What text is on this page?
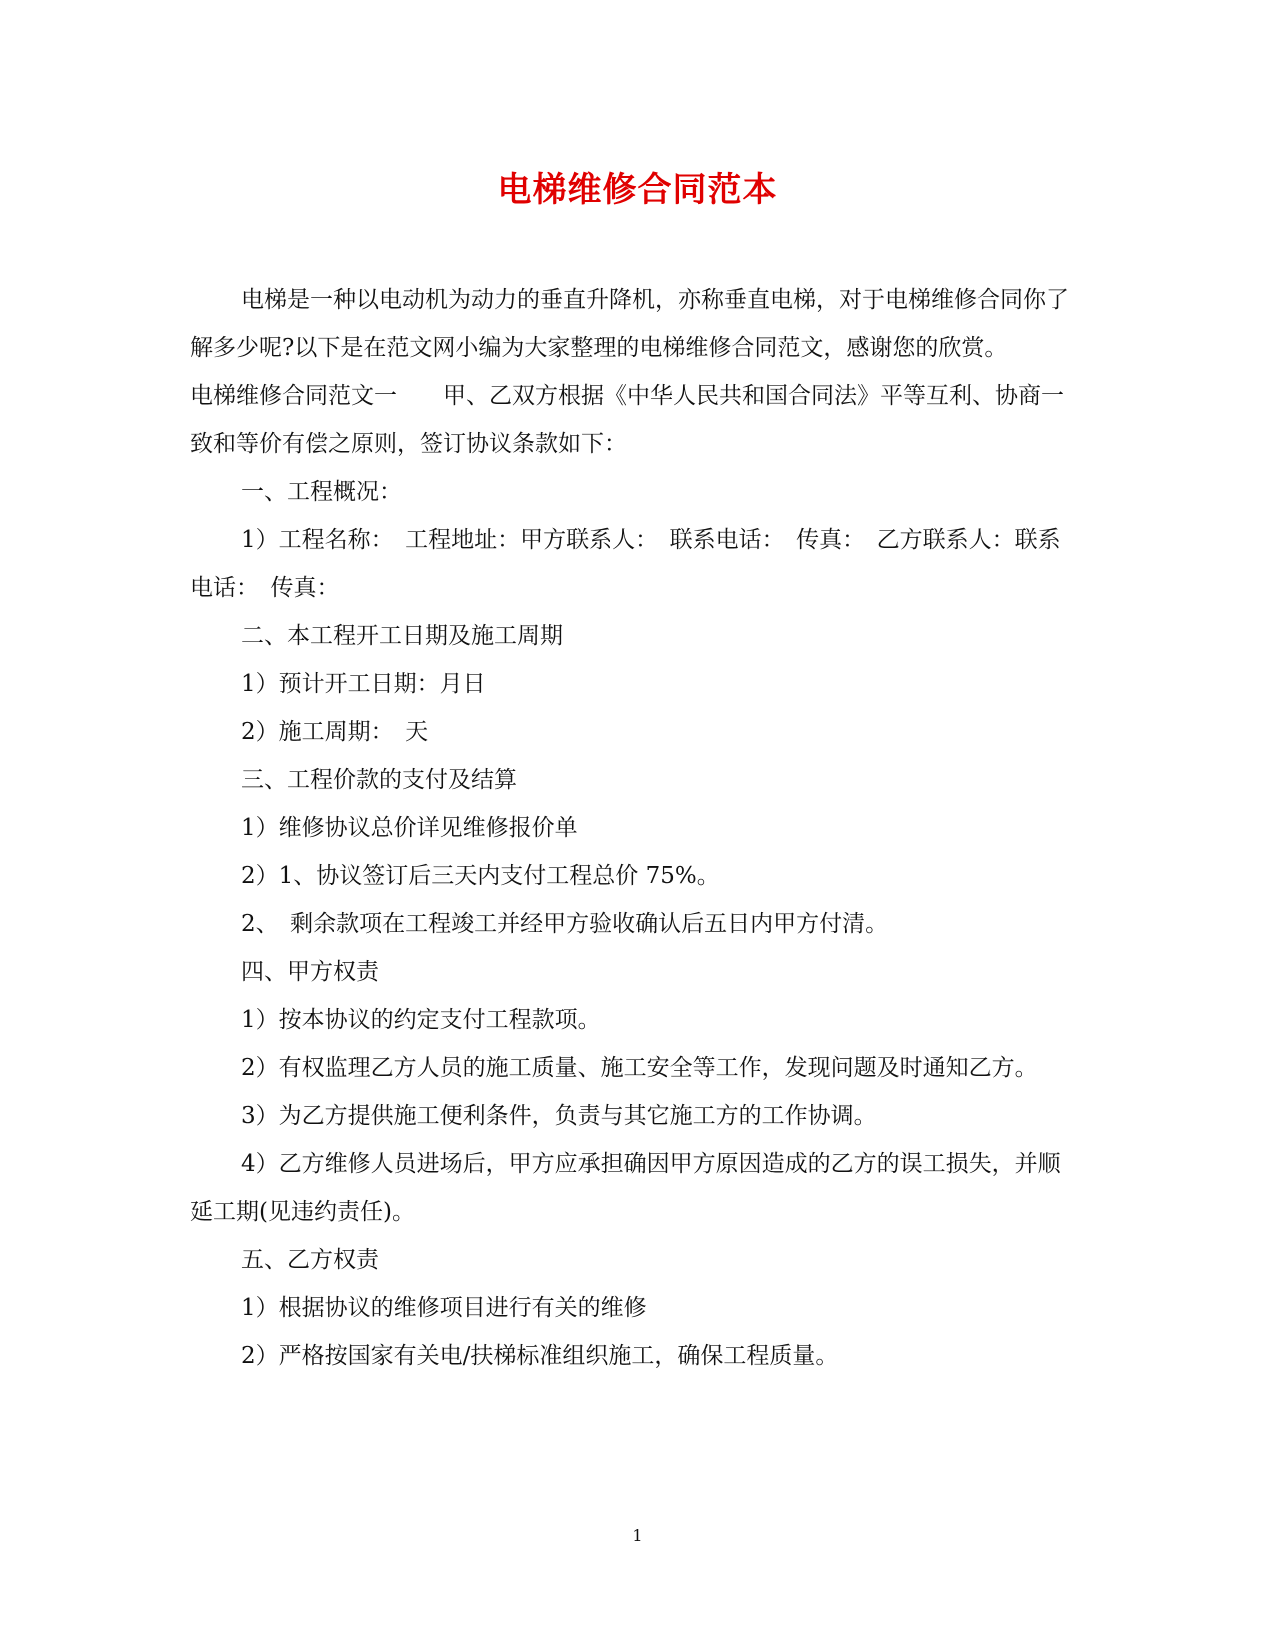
电梯维修合同范本

电梯是一种以电动机为动力的垂直升降机，亦称垂直电梯，对于电梯维修合同你了解多少呢?以下是在范文网小编为大家整理的电梯维修合同范文，感谢您的欣赏。

电梯维修合同范文一　　甲、乙双方根据《中华人民共和国合同法》平等互利、协商一致和等价有偿之原则，签订协议条款如下：

一、工程概况：

1）工程名称：　工程地址：甲方联系人：　联系电话：　传真：　乙方联系人：联系电话：　传真：

二、本工程开工日期及施工周期

1）预计开工日期：月日

2）施工周期：　天

三、工程价款的支付及结算

1）维修协议总价详见维修报价单

2）1、协议签订后三天内支付工程总价 75%。

2、　剩余款项在工程竣工并经甲方验收确认后五日内甲方付清。

四、甲方权责

1）按本协议的约定支付工程款项。

2）有权监理乙方人员的施工质量、施工安全等工作，发现问题及时通知乙方。

3）为乙方提供施工便利条件，负责与其它施工方的工作协调。

4）乙方维修人员进场后，甲方应承担确因甲方原因造成的乙方的误工损失，并顺延工期(见违约责任)。

五、乙方权责

1）根据协议的维修项目进行有关的维修

2）严格按国家有关电/扶梯标准组织施工，确保工程质量。

1
